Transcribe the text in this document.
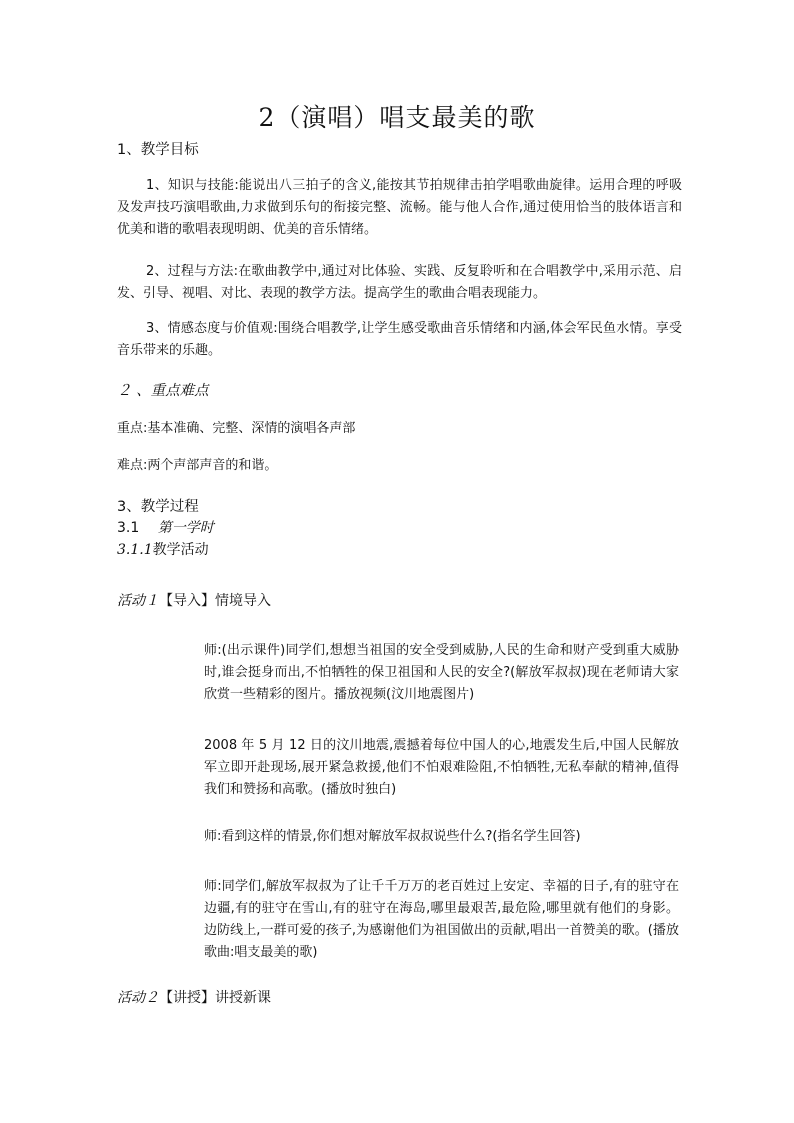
2（演唱）唱支最美的歌
1、教学目标
1、知识与技能:能说出八三拍子的含义,能按其节拍规律击拍学唱歌曲旋律。运用合理的呼吸及发声技巧演唱歌曲,力求做到乐句的衔接完整、流畅。能与他人合作,通过使用恰当的肢体语言和优美和谐的歌唱表现明朗、优美的音乐情绪。
2、过程与方法:在歌曲教学中,通过对比体验、实践、反复聆听和在合唱教学中,采用示范、启发、引导、视唱、对比、表现的教学方法。提高学生的歌曲合唱表现能力。
3、情感态度与价值观:围绕合唱教学,让学生感受歌曲音乐情绪和内涵,体会军民鱼水情。享受音乐带来的乐趣。
２ 、重点难点
重点:基本准确、完整、深情的演唱各声部
难点:两个声部声音的和谐。
3、教学过程
3.1 第一学时
3.1.1教学活动
活动１【导入】情境导入
师:(出示课件)同学们,想想当祖国的安全受到威胁,人民的生命和财产受到重大威胁时,谁会挺身而出,不怕牺牲的保卫祖国和人民的安全?(解放军叔叔)现在老师请大家欣赏一些精彩的图片。播放视频(汶川地震图片)
2008 年 5 月 12 日的汶川地震,震撼着每位中国人的心,地震发生后,中国人民解放军立即开赴现场,展开紧急救援,他们不怕艰难险阻,不怕牺牲,无私奉献的精神,值得我们和赞扬和高歌。(播放时独白)
师:看到这样的情景,你们想对解放军叔叔说些什么?(指名学生回答)
师:同学们,解放军叔叔为了让千千万万的老百姓过上安定、幸福的日子,有的驻守在边疆,有的驻守在雪山,有的驻守在海岛,哪里最艰苦,最危险,哪里就有他们的身影。边防线上,一群可爱的孩子,为感谢他们为祖国做出的贡献,唱出一首赞美的歌。(播放歌曲:唱支最美的歌)
活动２【讲授】讲授新课
